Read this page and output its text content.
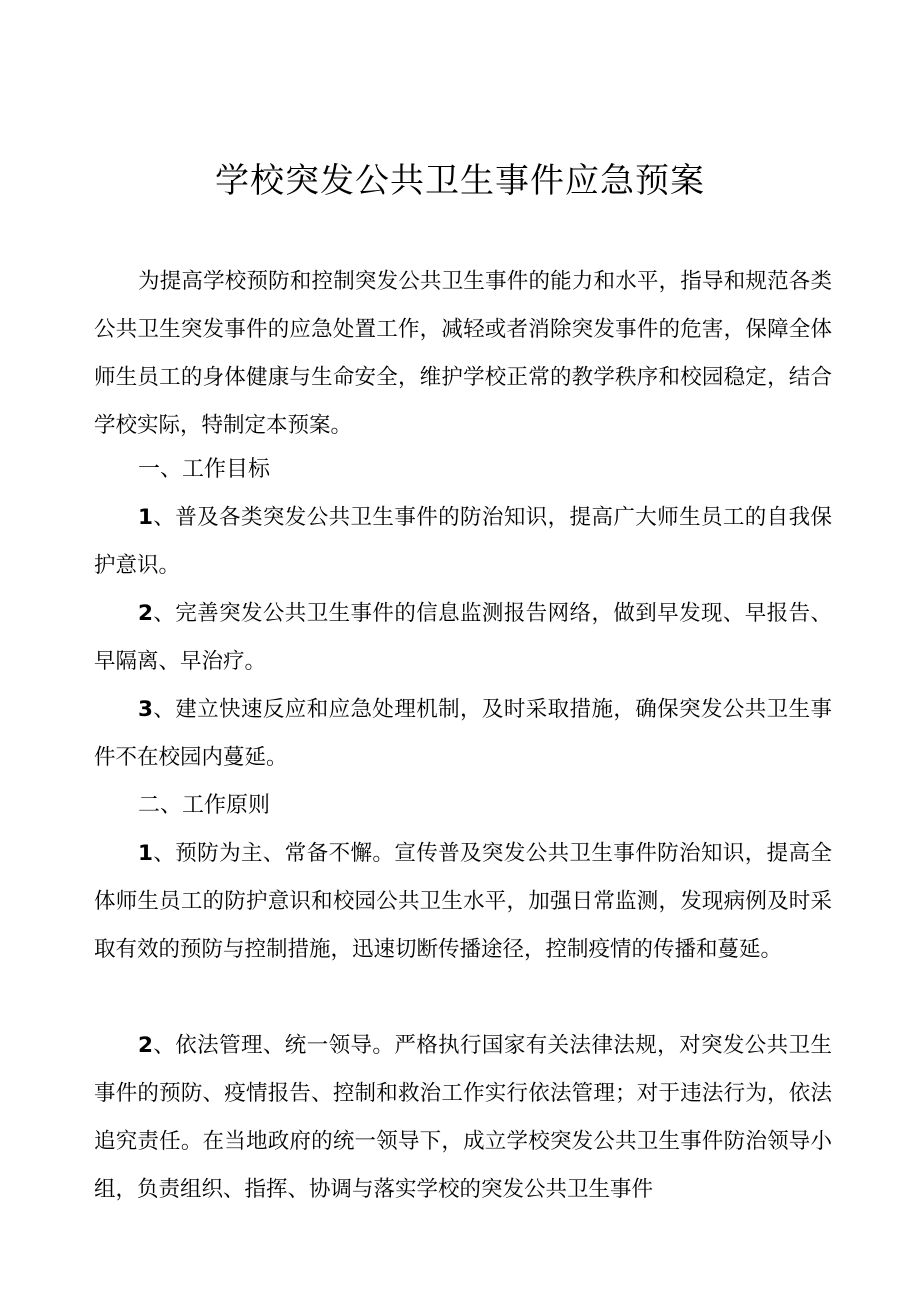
学校突发公共卫生事件应急预案

为提高学校预防和控制突发公共卫生事件的能力和水平，指导和规范各类公共卫生突发事件的应急处置工作，减轻或者消除突发事件的危害，保障全体师生员工的身体健康与生命安全，维护学校正常的教学秩序和校园稳定，结合学校实际，特制定本预案。

一、工作目标

1、普及各类突发公共卫生事件的防治知识，提高广大师生员工的自我保护意识。

2、完善突发公共卫生事件的信息监测报告网络，做到早发现、早报告、早隔离、早治疗。

3、建立快速反应和应急处理机制，及时采取措施，确保突发公共卫生事件不在校园内蔓延。

二、工作原则

1、预防为主、常备不懈。宣传普及突发公共卫生事件防治知识，提高全体师生员工的防护意识和校园公共卫生水平，加强日常监测，发现病例及时采取有效的预防与控制措施，迅速切断传播途径，控制疫情的传播和蔓延。

2、依法管理、统一领导。严格执行国家有关法律法规，对突发公共卫生事件的预防、疫情报告、控制和救治工作实行依法管理；对于违法行为，依法追究责任。在当地政府的统一领导下，成立学校突发公共卫生事件防治领导小组，负责组织、指挥、协调与落实学校的突发公共卫生事件
